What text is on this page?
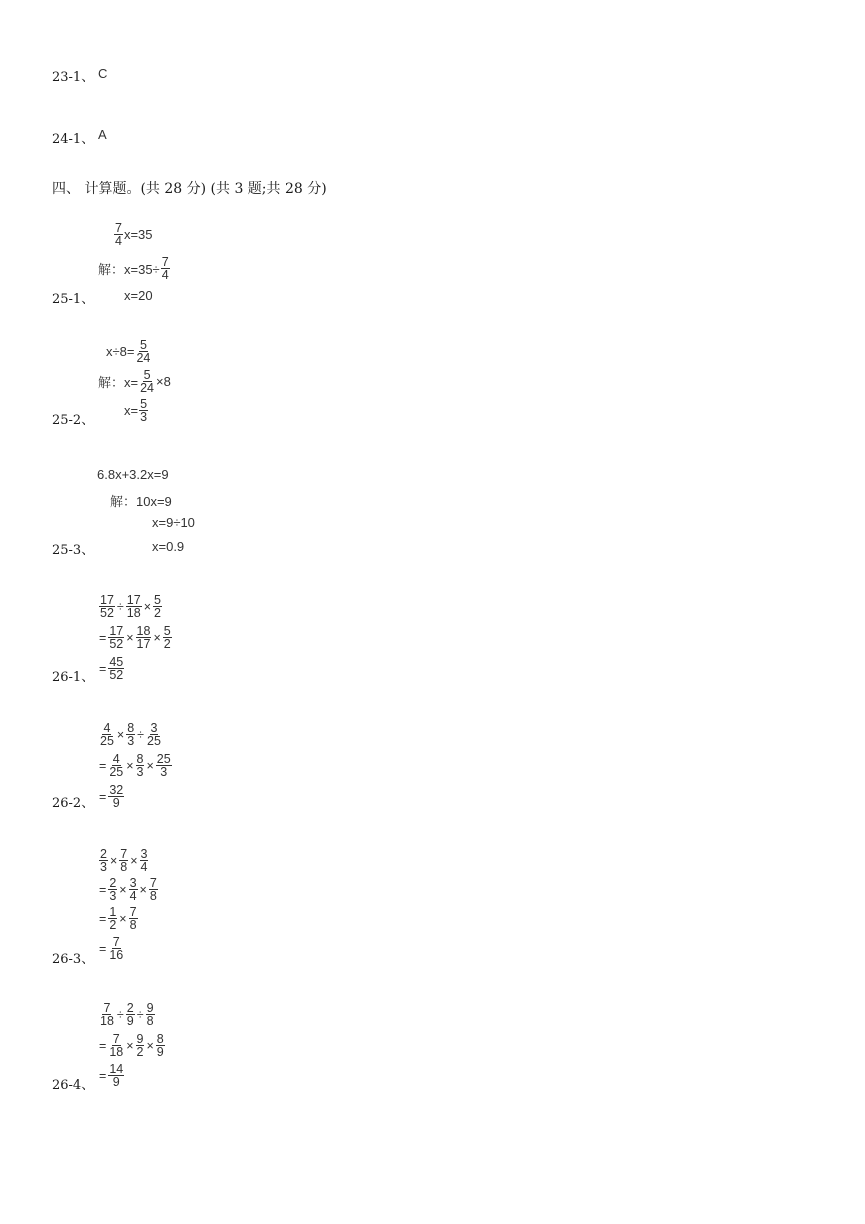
23-1、 C
24-1、 A
四、 计算题。(共 28 分) (共 3 题;共 28 分)
$\frac{7}{4} x=35$
解：$x=35\div \frac{7}{4}$
x=20
25-1、
$x\div 8= \frac{5}{24}$
解：$x= \frac{5}{24} \times 8$
$x= \frac{5}{3}$
25-2、
6.8x+3.2x=9
解：10x=9
x=9÷10
x=0.9
25-3、
$\frac{17}{52} \div \frac{17}{18} \times \frac{5}{2}$
= $\frac{17}{52} \times \frac{18}{17} \times \frac{5}{2}$
= $\frac{45}{52}$
26-1、
$\frac{4}{25} \times \frac{8}{3} \div \frac{3}{25}$
= $\frac{4}{25} \times \frac{8}{3} \times \frac{25}{3}$
= $\frac{32}{9}$
26-2、
$\frac{2}{3} \times \frac{7}{8} \times \frac{3}{4}$
= $\frac{2}{3} \times \frac{3}{4} \times \frac{7}{8}$
= $\frac{1}{2} \times \frac{7}{8}$
= $\frac{7}{16}$
26-3、
$\frac{7}{18} \div \frac{2}{9} \div \frac{9}{8}$
= $\frac{7}{18} \times \frac{9}{2} \times \frac{8}{9}$
= $\frac{14}{9}$
26-4、
